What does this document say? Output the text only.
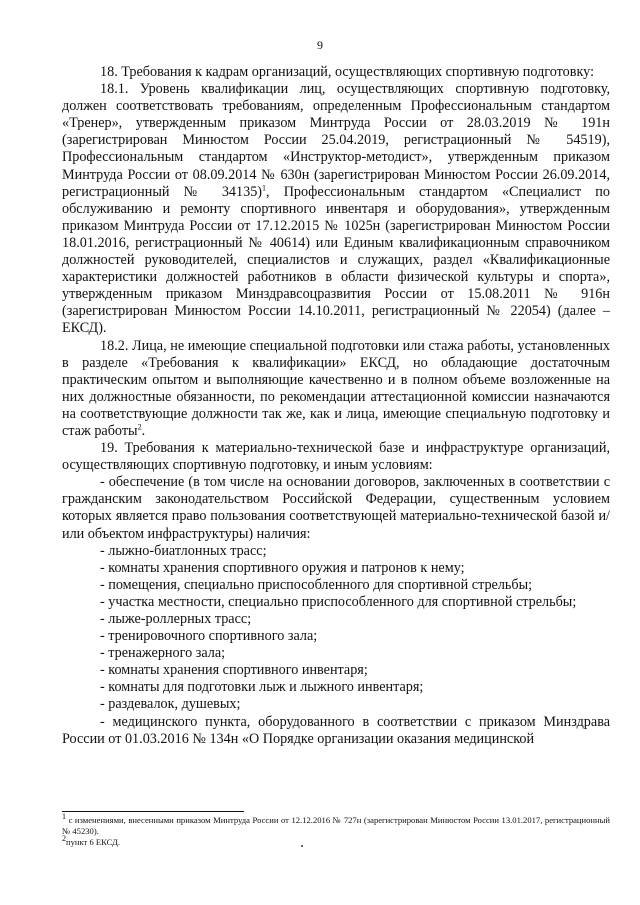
9

18. Требования к кадрам организаций, осуществляющих спортивную подготовку:

18.1. Уровень квалификации лиц, осуществляющих спортивную подготовку, должен соответствовать требованиям, определенным Профессиональным стандартом «Тренер», утвержденным приказом Минтруда России от 28.03.2019 № 191н (зарегистрирован Минюстом России 25.04.2019, регистрационный № 54519), Профессиональным стандартом «Инструктор-методист», утвержденным приказом Минтруда России от 08.09.2014 № 630н (зарегистрирован Минюстом России 26.09.2014, регистрационный № 34135)$^1$, Профессиональным стандартом «Специалист по обслуживанию и ремонту спортивного инвентаря и оборудования», утвержденным приказом Минтруда России от 17.12.2015 № 1025н (зарегистрирован Минюстом России 18.01.2016, регистрационный № 40614) или Единым квалификационным справочником должностей руководителей, специалистов и служащих, раздел «Квалификационные характеристики должностей работников в области физической культуры и спорта», утвержденным приказом Минздравсоцразвития России от 15.08.2011 № 916н (зарегистрирован Минюстом России 14.10.2011, регистрационный № 22054) (далее – ЕКСД).

18.2. Лица, не имеющие специальной подготовки или стажа работы, установленных в разделе «Требования к квалификации» ЕКСД, но обладающие достаточным практическим опытом и выполняющие качественно и в полном объеме возложенные на них должностные обязанности, по рекомендации аттестационной комиссии назначаются на соответствующие должности так же, как и лица, имеющие специальную подготовку и стаж работы$^2$.

19. Требования к материально-технической базе и инфраструктуре организаций, осуществляющих спортивную подготовку, и иным условиям:

- обеспечение (в том числе на основании договоров, заключенных в соответствии с гражданским законодательством Российской Федерации, существенным условием которых является право пользования соответствующей материально-технической базой и/или объектом инфраструктуры) наличия:

- лыжно-биатлонных трасс;

- комнаты хранения спортивного оружия и патронов к нему;

- помещения, специально приспособленного для спортивной стрельбы;

- участка местности, специально приспособленного для спортивной стрельбы;

- лыже-роллерных трасс;

- тренировочного спортивного зала;

- тренажерного зала;

- комнаты хранения спортивного инвентаря;

- комнаты для подготовки лыж и лыжного инвентаря;

- раздевалок, душевых;

- медицинского пункта, оборудованного в соответствии с приказом Минздрава России от 01.03.2016 № 134н «О Порядке организации оказания медицинской

$^1$ с изменениями, внесенными приказом Минтруда России от 12.12.2016 № 727н (зарегистрирован Минюстом России 13.01.2017, регистрационный № 45230).

$^2$пункт 6 ЕКСД.
